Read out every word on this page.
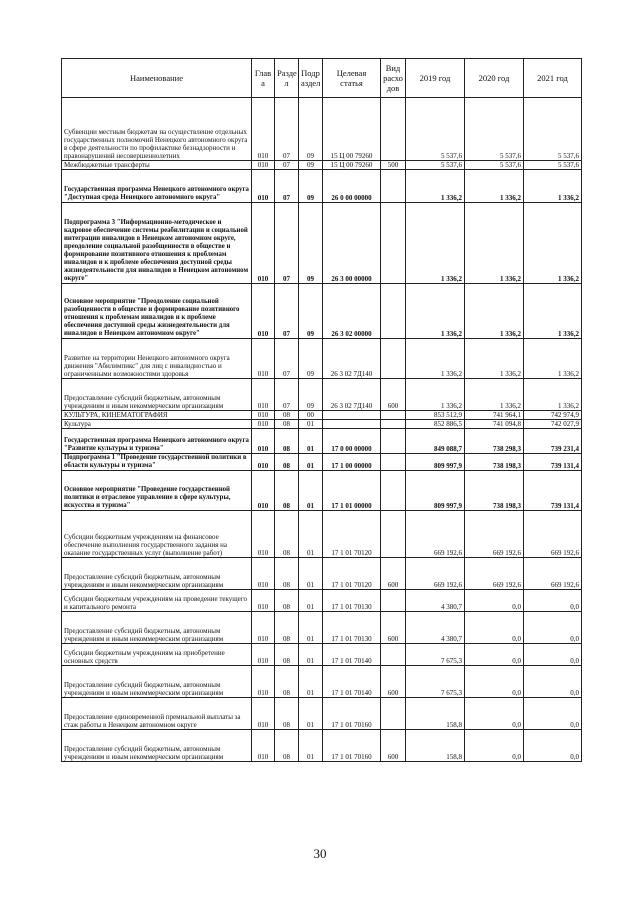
Наименование	Глав а	Разде л	Подр аздел	Целевая статья	Вид расхо дов	2019 год	2020 год	2021 год
Субвенции местным бюджетам на осуществление отдельных государственных полномочий Ненецкого автономного округа в сфере деятельности по профилактике безнадзорности и правонарушений несовершеннолетних	010	07	09	15 Ц 00 79260		5 537,6	5 537,6	5 537,6
Межбюджетные трансферты	010	07	09	15 Ц 00 79260	500	5 537,6	5 537,6	5 537,6
Государственная программа Ненецкого автономного округа "Доступная среда Ненецкого автономного округа"	010	07	09	26 0 00 00000		1 336,2	1 336,2	1 336,2
Подпрограмма 3 "Информационно-методическое и кадровое обеспечение системы реабилитации и социальной интеграции инвалидов в Ненецком автономном округе, преодоление социальной разобщенности в обществе и формирование позитивного отношения к проблемам инвалидов и к проблеме обеспечения доступной среды жизнедеятельности для инвалидов в Ненецком автономном округе"	010	07	09	26 3 00 00000		1 336,2	1 336,2	1 336,2
Основное мероприятие "Преодоление социальной разобщенности в обществе и формирование позитивного отношения к проблемам инвалидов и к проблеме обеспечения доступной среды жизнедеятельности для инвалидов в Ненецком автономном округе"	010	07	09	26 3 02 00000		1 336,2	1 336,2	1 336,2
Развитие на территории Ненецкого автономного округа движения "Абилимпикс" для лиц с инвалидностью и ограниченными возможностями здоровья	010	07	09	26 3 02 7Д140		1 336,2	1 336,2	1 336,2
Предоставление субсидий бюджетным, автономным учреждениям и иным некоммерческим организациям	010	07	09	26 3 02 7Д140	600	1 336,2	1 336,2	1 336,2
КУЛЬТУРА, КИНЕМАТОГРАФИЯ	010	08	00			853 512,9	741 964,1	742 974,9
Культура	010	08	01			852 886,5	741 094,8	742 027,9
Государственная программа Ненецкого автономного округа "Развитие культуры и туризма"	010	08	01	17 0 00 00000		849 088,7	738 298,3	739 231,4
Подпрограмма 1 "Проведение государственной политики в области культуры и туризма"	010	08	01	17 1 00 00000		809 997,9	738 198,3	739 131,4
Основное мероприятие "Проведение государственной политики и отраслевое управление в сфере культуры, искусства и туризма"	010	08	01	17 1 01 00000		809 997,9	738 198,3	739 131,4
Субсидии бюджетным учреждениям на финансовое обеспечение выполнения государственного задания на оказание государственных услуг (выполнение работ)	010	08	01	17 1 01 70120		669 192,6	669 192,6	669 192,6
Предоставление субсидий бюджетным, автономным учреждениям и иным некоммерческим организациям	010	08	01	17 1 01 70120	600	669 192,6	669 192,6	669 192,6
Субсидии бюджетным учреждениям на проведение текущего и капитального ремонта	010	08	01	17 1 01 70130		4 380,7	0,0	0,0
Предоставление субсидий бюджетным, автономным учреждениям и иным некоммерческим организациям	010	08	01	17 1 01 70130	600	4 380,7	0,0	0,0
Субсидии бюджетным учреждениям на приобретение основных средств	010	08	01	17 1 01 70140		7 675,3	0,0	0,0
Предоставление субсидий бюджетным, автономным учреждениям и иным некоммерческим организациям	010	08	01	17 1 01 70140	600	7 675,3	0,0	0,0
Предоставление единовременной премиальной выплаты за стаж работы в Ненецком автономном округе	010	08	01	17 1 01 70160		158,8	0,0	0,0
Предоставление субсидий бюджетным, автономным учреждениям и иным некоммерческим организациям	010	08	01	17 1 01 70160	600	158,8	0,0	0,0
30
